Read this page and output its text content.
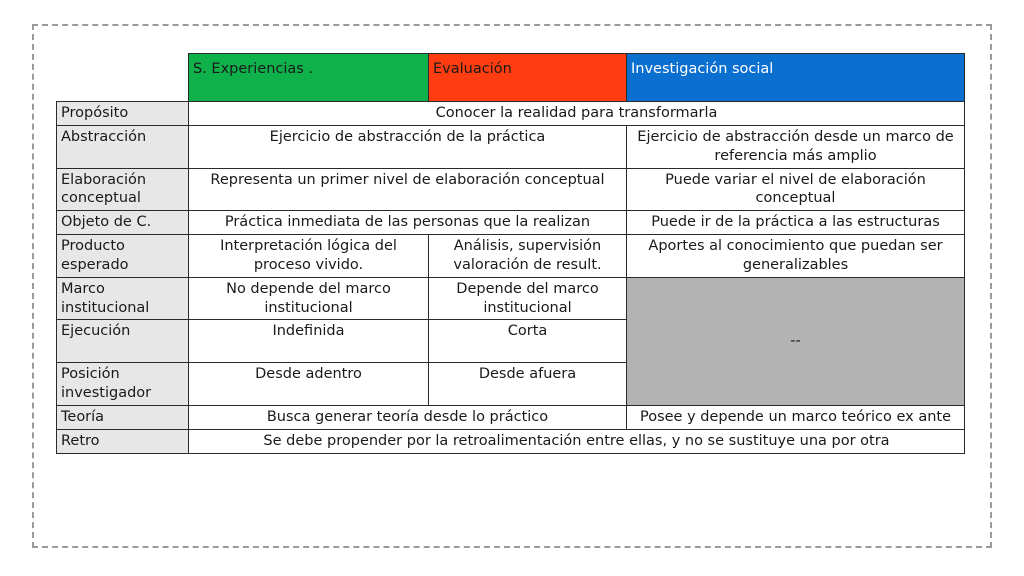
	S. Experiencias .	Evaluación	Investigación social
Propósito	Conocer la realidad para transformarla		
Abstracción	Ejercicio de abstracción de la práctica		Ejercicio de abstracción desde un marco de referencia más amplio
Elaboración conceptual	Representa un primer nivel de elaboración conceptual		Puede variar el nivel de elaboración conceptual
Objeto de C.	Práctica inmediata de las personas que la realizan		Puede ir de la práctica a las estructuras
Producto esperado	Interpretación lógica del proceso vivido.	Análisis, supervisión valoración de result.	Aportes al conocimiento que puedan ser generalizables
Marco institucional	No depende del marco institucional	Depende del marco institucional	--
Ejecución	Indefinida	Corta	
Posición investigador	Desde adentro	Desde afuera	
Teoría	Busca generar teoría desde lo práctico		Posee y depende un marco teórico ex ante
Retro	Se debe propender por la retroalimentación entre ellas, y no se sustituye una por otra		
